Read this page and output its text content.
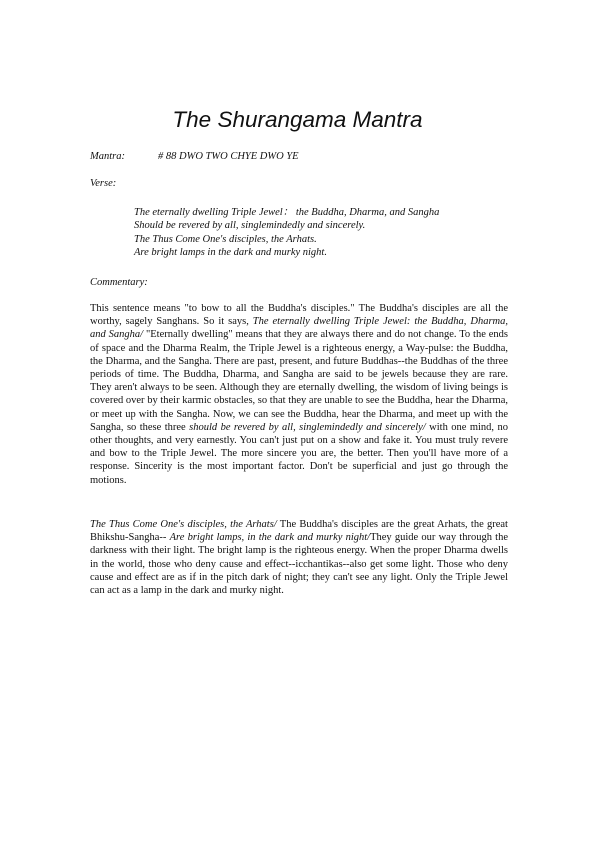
The Shurangama Mantra
Mantra:	# 88 DWO TWO CHYE DWO YE
Verse:
The eternally dwelling Triple Jewel： the Buddha, Dharma, and Sangha
Should be revered by all, singlemindedly and sincerely.
The Thus Come One's disciples, the Arhats.
Are bright lamps in the dark and murky night.
Commentary:

This sentence means "to bow to all the Buddha's disciples." The Buddha's disciples are all the worthy, sagely Sanghans. So it says, The eternally dwelling Triple Jewel: the Buddha, Dharma, and Sangha/ "Eternally dwelling" means that they are always there and do not change. To the ends of space and the Dharma Realm, the Triple Jewel is a righteous energy, a Way-pulse: the Buddha, the Dharma, and the Sangha. There are past, present, and future Buddhas--the Buddhas of the three periods of time. The Buddha, Dharma, and Sangha are said to be jewels because they are rare. They aren't always to be seen. Although they are eternally dwelling, the wisdom of living beings is covered over by their karmic obstacles, so that they are unable to see the Buddha, hear the Dharma, or meet up with the Sangha. Now, we can see the Buddha, hear the Dharma, and meet up with the Sangha, so these three should be revered by all, singlemindedly and sincerely/ with one mind, no other thoughts, and very earnestly. You can't just put on a show and fake it. You must truly revere and bow to the Triple Jewel. The more sincere you are, the better. Then you'll have more of a response. Sincerity is the most important factor. Don't be superficial and just go through the motions.

The Thus Come One's disciples, the Arhats/ The Buddha's disciples are the great Arhats, the great Bhikshu-Sangha-- Are bright lamps, in the dark and murky night/They guide our way through the darkness with their light. The bright lamp is the righteous energy. When the proper Dharma dwells in the world, those who deny cause and effect--icchantikas--also get some light. Those who deny cause and effect are as if in the pitch dark of night; they can't see any light. Only the Triple Jewel can act as a lamp in the dark and murky night.
